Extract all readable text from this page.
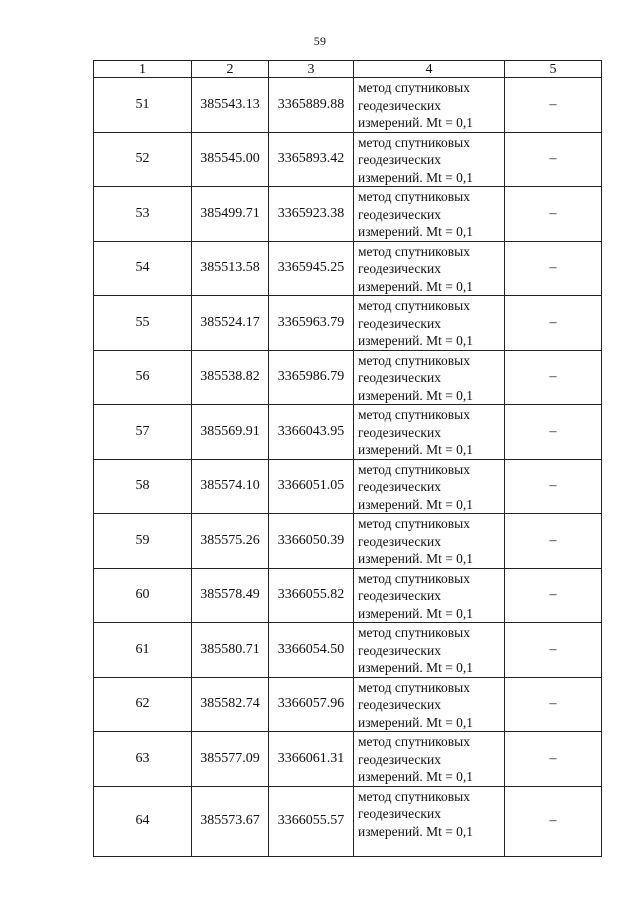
59
1	2	3	4	5
51	385543.13	3365889.88	метод спутниковых
геодезических
измерений. Mt = 0,1	–
52	385545.00	3365893.42	метод спутниковых
геодезических
измерений. Mt = 0,1	–
53	385499.71	3365923.38	метод спутниковых
геодезических
измерений. Mt = 0,1	–
54	385513.58	3365945.25	метод спутниковых
геодезических
измерений. Mt = 0,1	–
55	385524.17	3365963.79	метод спутниковых
геодезических
измерений. Mt = 0,1	–
56	385538.82	3365986.79	метод спутниковых
геодезических
измерений. Mt = 0,1	–
57	385569.91	3366043.95	метод спутниковых
геодезических
измерений. Mt = 0,1	–
58	385574.10	3366051.05	метод спутниковых
геодезических
измерений. Mt = 0,1	–
59	385575.26	3366050.39	метод спутниковых
геодезических
измерений. Mt = 0,1	–
60	385578.49	3366055.82	метод спутниковых
геодезических
измерений. Mt = 0,1	–
61	385580.71	3366054.50	метод спутниковых
геодезических
измерений. Mt = 0,1	–
62	385582.74	3366057.96	метод спутниковых
геодезических
измерений. Mt = 0,1	–
63	385577.09	3366061.31	метод спутниковых
геодезических
измерений. Mt = 0,1	–
64	385573.67	3366055.57	метод спутниковых
геодезических
измерений. Mt = 0,1	–
